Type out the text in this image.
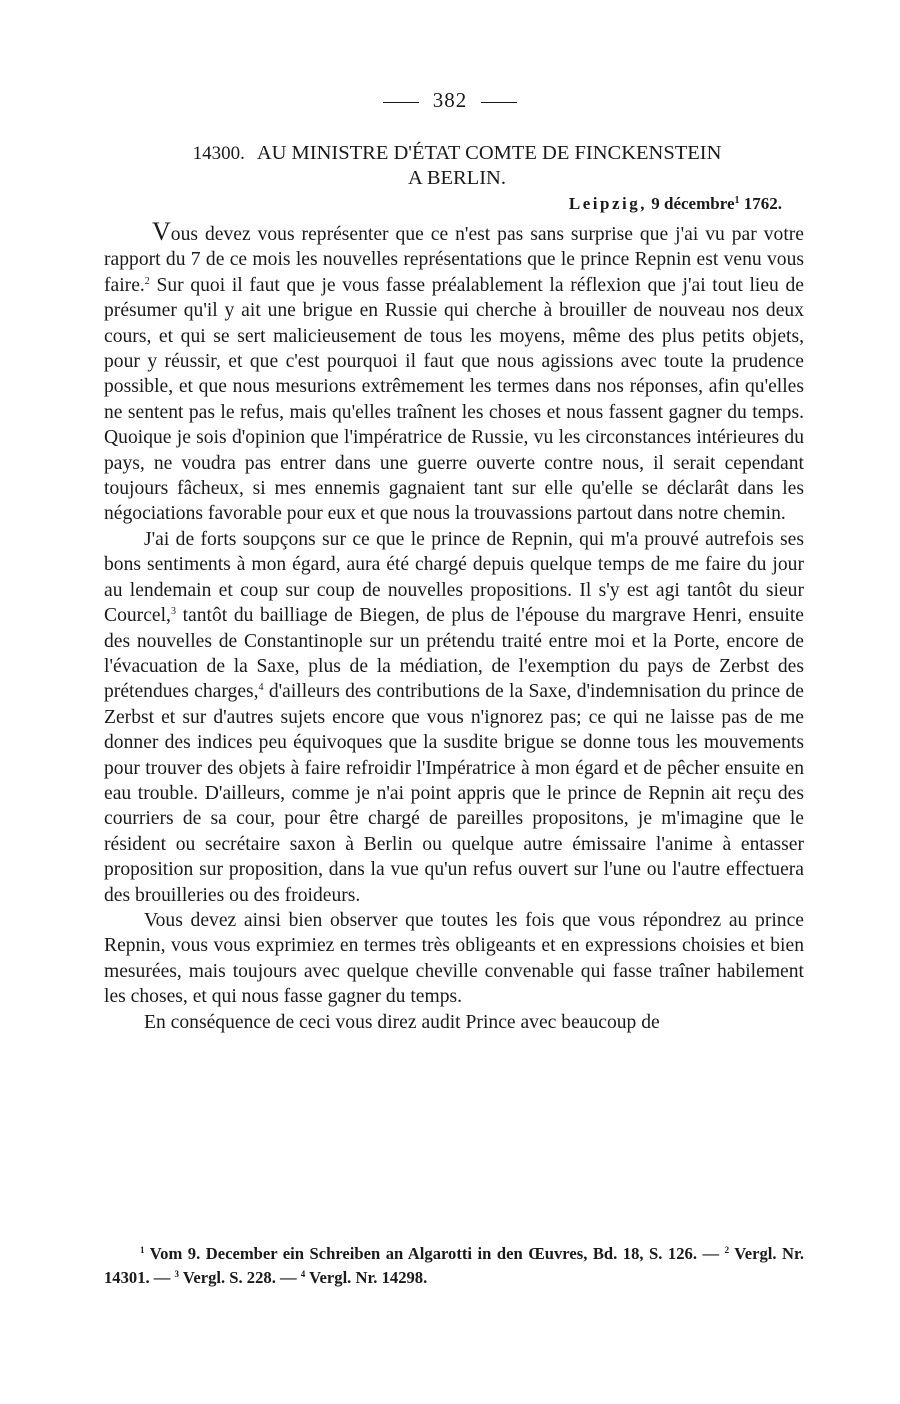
382
14300. AU MINISTRE D'ÉTAT COMTE DE FINCKENSTEIN
A BERLIN.
Leipzig, 9 décembre$^1$ 1762.

Vous devez vous représenter que ce n'est pas sans surprise que j'ai vu par votre rapport du 7 de ce mois les nouvelles représentations que le prince Repnin est venu vous faire.$^2$ Sur quoi il faut que je vous fasse préalablement la réflexion que j'ai tout lieu de présumer qu'il y ait une brigue en Russie qui cherche à brouiller de nouveau nos deux cours, et qui se sert malicieusement de tous les moyens, même des plus petits objets, pour y réussir, et que c'est pourquoi il faut que nous agissions avec toute la prudence possible, et que nous mesurions extrêmement les termes dans nos réponses, afin qu'elles ne sentent pas le refus, mais qu'elles traînent les choses et nous fassent gagner du temps. Quoique je sois d'opinion que l'impératrice de Russie, vu les circonstances intérieures du pays, ne voudra pas entrer dans une guerre ouverte contre nous, il serait cependant toujours fâcheux, si mes ennemis gagnaient tant sur elle qu'elle se déclarât dans les négociations favorable pour eux et que nous la trouvassions partout dans notre chemin.

J'ai de forts soupçons sur ce que le prince de Repnin, qui m'a prouvé autrefois ses bons sentiments à mon égard, aura été chargé depuis quelque temps de me faire du jour au lendemain et coup sur coup de nouvelles propositions. Il s'y est agi tantôt du sieur Courcel,$^3$ tantôt du bailliage de Biegen, de plus de l'épouse du margrave Henri, ensuite des nouvelles de Constantinople sur un prétendu traité entre moi et la Porte, encore de l'évacuation de la Saxe, plus de la médiation, de l'exemption du pays de Zerbst des prétendues charges,$^4$ d'ailleurs des contributions de la Saxe, d'indemnisation du prince de Zerbst et sur d'autres sujets encore que vous n'ignorez pas; ce qui ne laisse pas de me donner des indices peu équivoques que la susdite brigue se donne tous les mouvements pour trouver des objets à faire refroidir l'Impératrice à mon égard et de pêcher ensuite en eau trouble. D'ailleurs, comme je n'ai point appris que le prince de Repnin ait reçu des courriers de sa cour, pour être chargé de pareilles propositons, je m'imagine que le résident ou secrétaire saxon à Berlin ou quelque autre émissaire l'anime à entasser proposition sur proposition, dans la vue qu'un refus ouvert sur l'une ou l'autre effectuera des brouilleries ou des froideurs.

Vous devez ainsi bien observer que toutes les fois que vous répondrez au prince Repnin, vous vous exprimiez en termes très obligeants et en expressions choisies et bien mesurées, mais toujours avec quelque cheville convenable qui fasse traîner habilement les choses, et qui nous fasse gagner du temps.

En conséquence de ceci vous direz audit Prince avec beaucoup de

$^1$ Vom 9. December ein Schreiben an Algarotti in den Œuvres, Bd. 18, S. 126. — $^2$ Vergl. Nr. 14301. — $^3$ Vergl. S. 228. — $^4$ Vergl. Nr. 14298.
